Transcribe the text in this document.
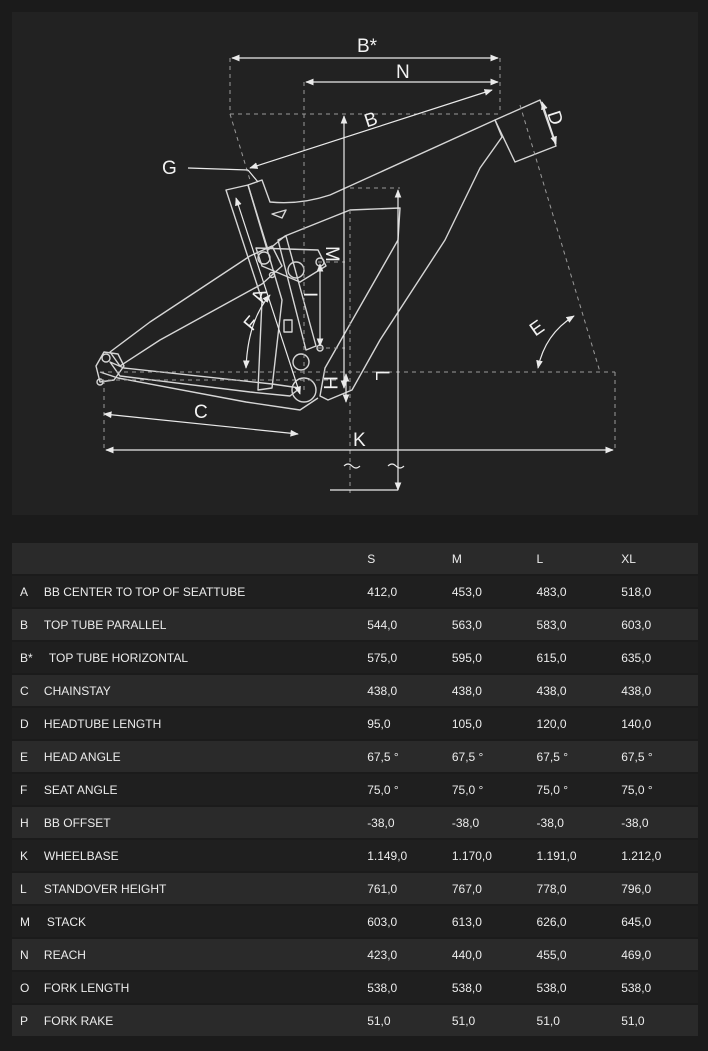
B*
N
B	D
G
M
A I
F	E
H
L
C
K
		S	M	L	XL
A	BB CENTER TO TOP OF SEATTUBE	412,0	453,0	483,0	518,0
B	TOP TUBE PARALLEL	544,0	563,0	583,0	603,0
B*	TOP TUBE HORIZONTAL	575,0	595,0	615,0	635,0
C	CHAINSTAY	438,0	438,0	438,0	438,0
D	HEADTUBE LENGTH	95,0	105,0	120,0	140,0
E	HEAD ANGLE	67,5 °	67,5 °	67,5 °	67,5 °
F	SEAT ANGLE	75,0 °	75,0 °	75,0 °	75,0 °
H	BB OFFSET	-38,0	-38,0	-38,0	-38,0
K	WHEELBASE	1.149,0	1.170,0	1.191,0	1.212,0
L	STANDOVER HEIGHT	761,0	767,0	778,0	796,0
M	STACK	603,0	613,0	626,0	645,0
N	REACH	423,0	440,0	455,0	469,0
O	FORK LENGTH	538,0	538,0	538,0	538,0
P	FORK RAKE	51,0	51,0	51,0	51,0
